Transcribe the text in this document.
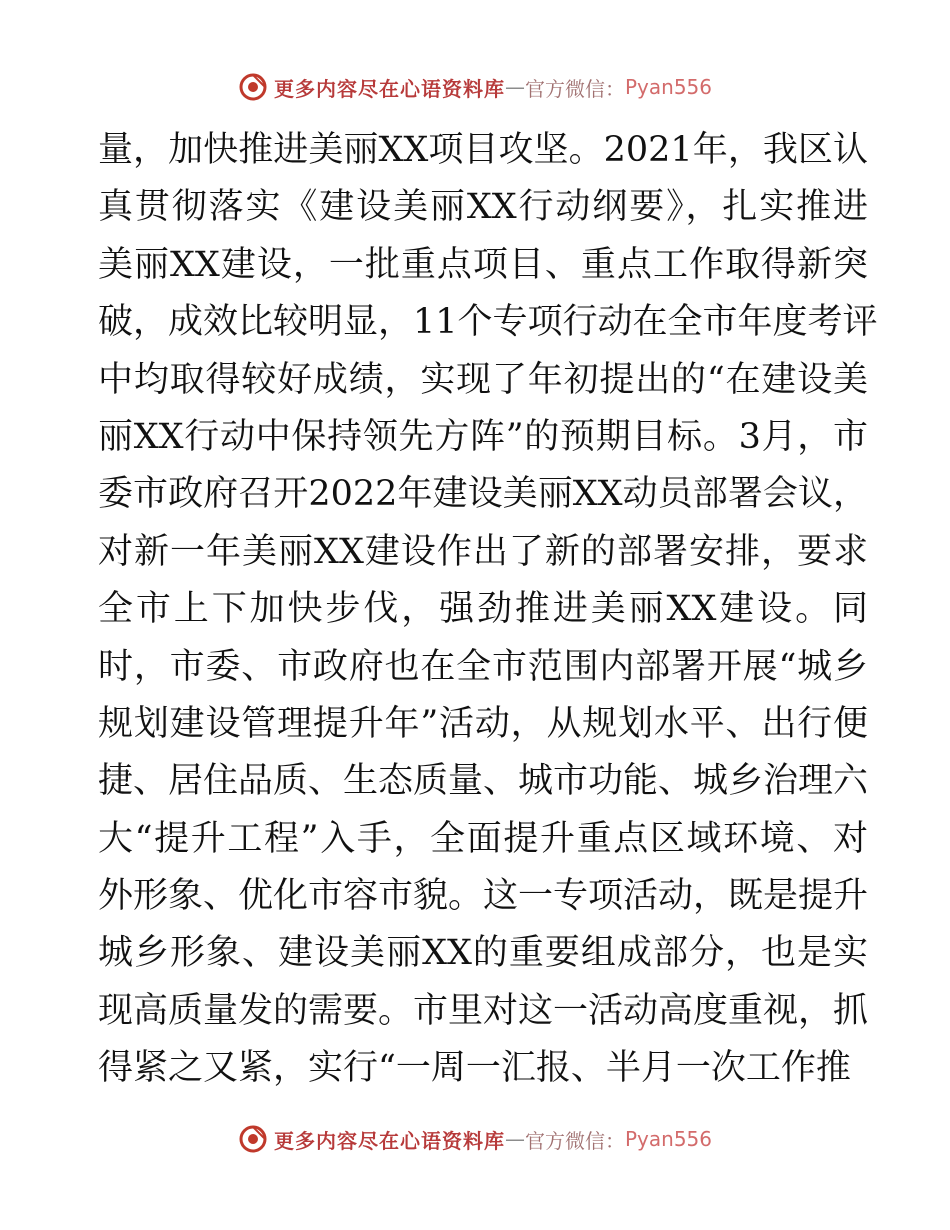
更多内容尽在心语资料库 — 官方微信： Pyan556
量，加快推进美丽XX项目攻坚。2021年，我区认
真贯彻落实《建设美丽XX行动纲要》，扎实推进
美丽XX建设，一批重点项目、重点工作取得新突
破，成效比较明显，11个专项行动在全市年度考评
中均取得较好成绩，实现了年初提出的“在建设美
丽XX行动中保持领先方阵”的预期目标。3月，市
委市政府召开2022年建设美丽XX动员部署会议，
对新一年美丽XX建设作出了新的部署安排，要求
全市上下加快步伐，强劲推进美丽XX建设。同
时，市委、市政府也在全市范围内部署开展“城乡
规划建设管理提升年”活动，从规划水平、出行便
捷、居住品质、生态质量、城市功能、城乡治理六
大“提升工程”入手，全面提升重点区域环境、对
外形象、优化市容市貌。这一专项活动，既是提升
城乡形象、建设美丽XX的重要组成部分，也是实
现高质量发的需要。市里对这一活动高度重视，抓
得紧之又紧，实行“一周一汇报、半月一次工作推
更多内容尽在心语资料库 — 官方微信： Pyan556
